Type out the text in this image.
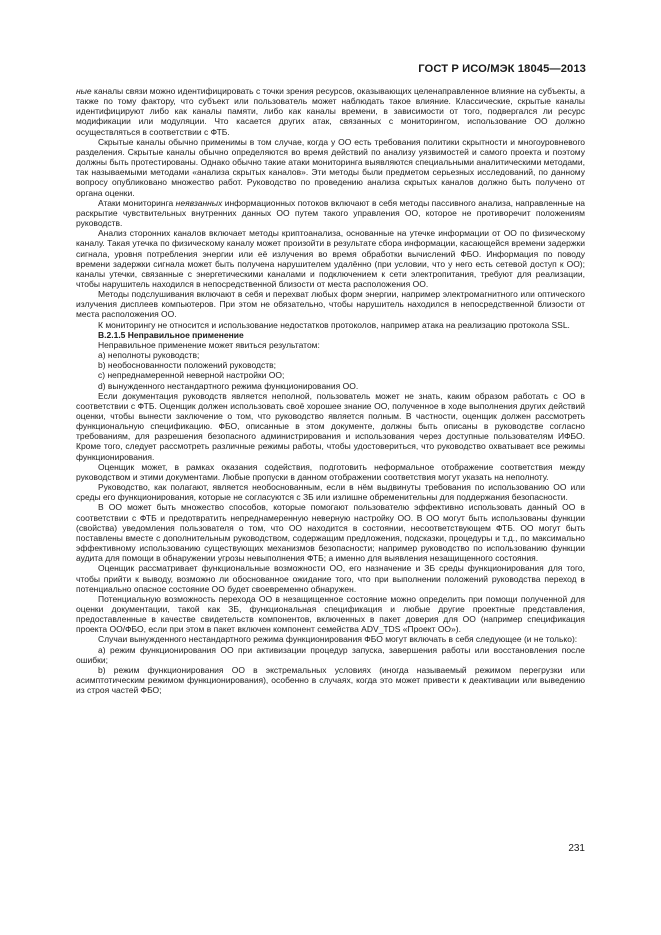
ГОСТ Р ИСО/МЭК 18045—2013

ные каналы связи можно идентифицировать с точки зрения ресурсов, оказывающих целенаправленное влияние на субъекты, а также по тому фактору, что субъект или пользователь может наблюдать такое влияние. Классические, скрытые каналы идентифицируют либо как каналы памяти, либо как каналы времени, в зависимости от того, подвергался ли ресурс модификации или модуляции. Что касается других атак, связанных с мониторингом, использование ОО должно осуществляться в соответствии с ФТБ.

Скрытые каналы обычно применимы в том случае, когда у ОО есть требования политики скрытности и многоуровневого разделения. Скрытые каналы обычно определяются во время действий по анализу уязвимостей и самого проекта и поэтому должны быть протестированы. Однако обычно такие атаки мониторинга выявляются специальными аналитическими методами, так называемыми методами «анализа скрытых каналов». Эти методы были предметом серьезных исследований, по данному вопросу опубликовано множество работ. Руководство по проведению анализа скрытых каналов должно быть получено от органа оценки.

Атаки мониторинга неявзанных информационных потоков включают в себя методы пассивного анализа, направленные на раскрытие чувствительных внутренних данных ОО путем такого управления ОО, которое не противоречит положениям руководств.

Анализ сторонних каналов включает методы криптоанализа, основанные на утечке информации от ОО по физическому каналу. Такая утечка по физическому каналу может произойти в результате сбора информации, касающейся времени задержки сигнала, уровня потребления энергии или её излучения во время обработки вычислений ФБО. Информация по поводу времени задержки сигнала может быть получена нарушителем удалённо (при условии, что у него есть сетевой доступ к ОО); каналы утечки, связанные с энергетическими каналами и подключением к сети электропитания, требуют для реализации, чтобы нарушитель находился в непосредственной близости от места расположения ОО.

Методы подслушивания включают в себя и перехват любых форм энергии, например электромагнитного или оптического излучения дисплеев компьютеров. При этом не обязательно, чтобы нарушитель находился в непосредственной близости от места расположения ОО.

К мониторингу не относится и использование недостатков протоколов, например атака на реализацию протокола SSL.

В.2.1.5 Неправильное применение

Неправильное применение может явиться результатом:

a) неполноты руководств;

b) необоснованности положений руководств;

c) непреднамеренной неверной настройки ОО;

d) вынужденного нестандартного режима функционирования ОО.

Если документация руководств является неполной, пользователь может не знать, каким образом работать с ОО в соответствии с ФТБ. Оценщик должен использовать своё хорошее знание ОО, полученное в ходе выполнения других действий оценки, чтобы вынести заключение о том, что руководство является полным. В частности, оценщик должен рассмотреть функциональную спецификацию. ФБО, описанные в этом документе, должны быть описаны в руководстве согласно требованиям, для разрешения безопасного администрирования и использования через доступные пользователям ИФБО. Кроме того, следует рассмотреть различные режимы работы, чтобы удостовериться, что руководство охватывает все режимы функционирования.

Оценщик может, в рамках оказания содействия, подготовить неформальное отображение соответствия между руководством и этими документами. Любые пропуски в данном отображении соответствия могут указать на неполноту.

Руководство, как полагают, является необоснованным, если в нём выдвинуты требования по использованию ОО или среды его функционирования, которые не согласуются с ЗБ или излишне обременительны для поддержания безопасности.

В ОО может быть множество способов, которые помогают пользователю эффективно использовать данный ОО в соответствии с ФТБ и предотвратить непреднамеренную неверную настройку ОО. В ОО могут быть использованы функции (свойства) уведомления пользователя о том, что ОО находится в состоянии, несоответствующем ФТБ. ОО могут быть поставлены вместе с дополнительным руководством, содержащим предложения, подсказки, процедуры и т.д., по максимально эффективному использованию существующих механизмов безопасности; например руководство по использованию функции аудита для помощи в обнаружении угрозы невыполнения ФТБ; а именно для выявления незащищенного состояния.

Оценщик рассматривает функциональные возможности ОО, его назначение и ЗБ среды функционирования для того, чтобы прийти к выводу, возможно ли обоснованное ожидание того, что при выполнении положений руководства переход в потенциально опасное состояние ОО будет своевременно обнаружен.

Потенциальную возможность перехода ОО в незащищенное состояние можно определить при помощи полученной для оценки документации, такой как ЗБ, функциональная спецификация и любые другие проектные представления, предоставленные в качестве свидетельств компонентов, включенных в пакет доверия для ОО (например спецификация проекта ОО/ФБО, если при этом в пакет включен компонент семейства ADV_TDS «Проект ОО»).

Случаи вынужденного нестандартного режима функционирования ФБО могут включать в себя следующее (и не только):

a) режим функционирования ОО при активизации процедур запуска, завершения работы или восстановления после ошибки;

b) режим функционирования ОО в экстремальных условиях (иногда называемый режимом перегрузки или асимптотическим режимом функционирования), особенно в случаях, когда это может привести к деактивации или выведению из строя частей ФБО;

231
